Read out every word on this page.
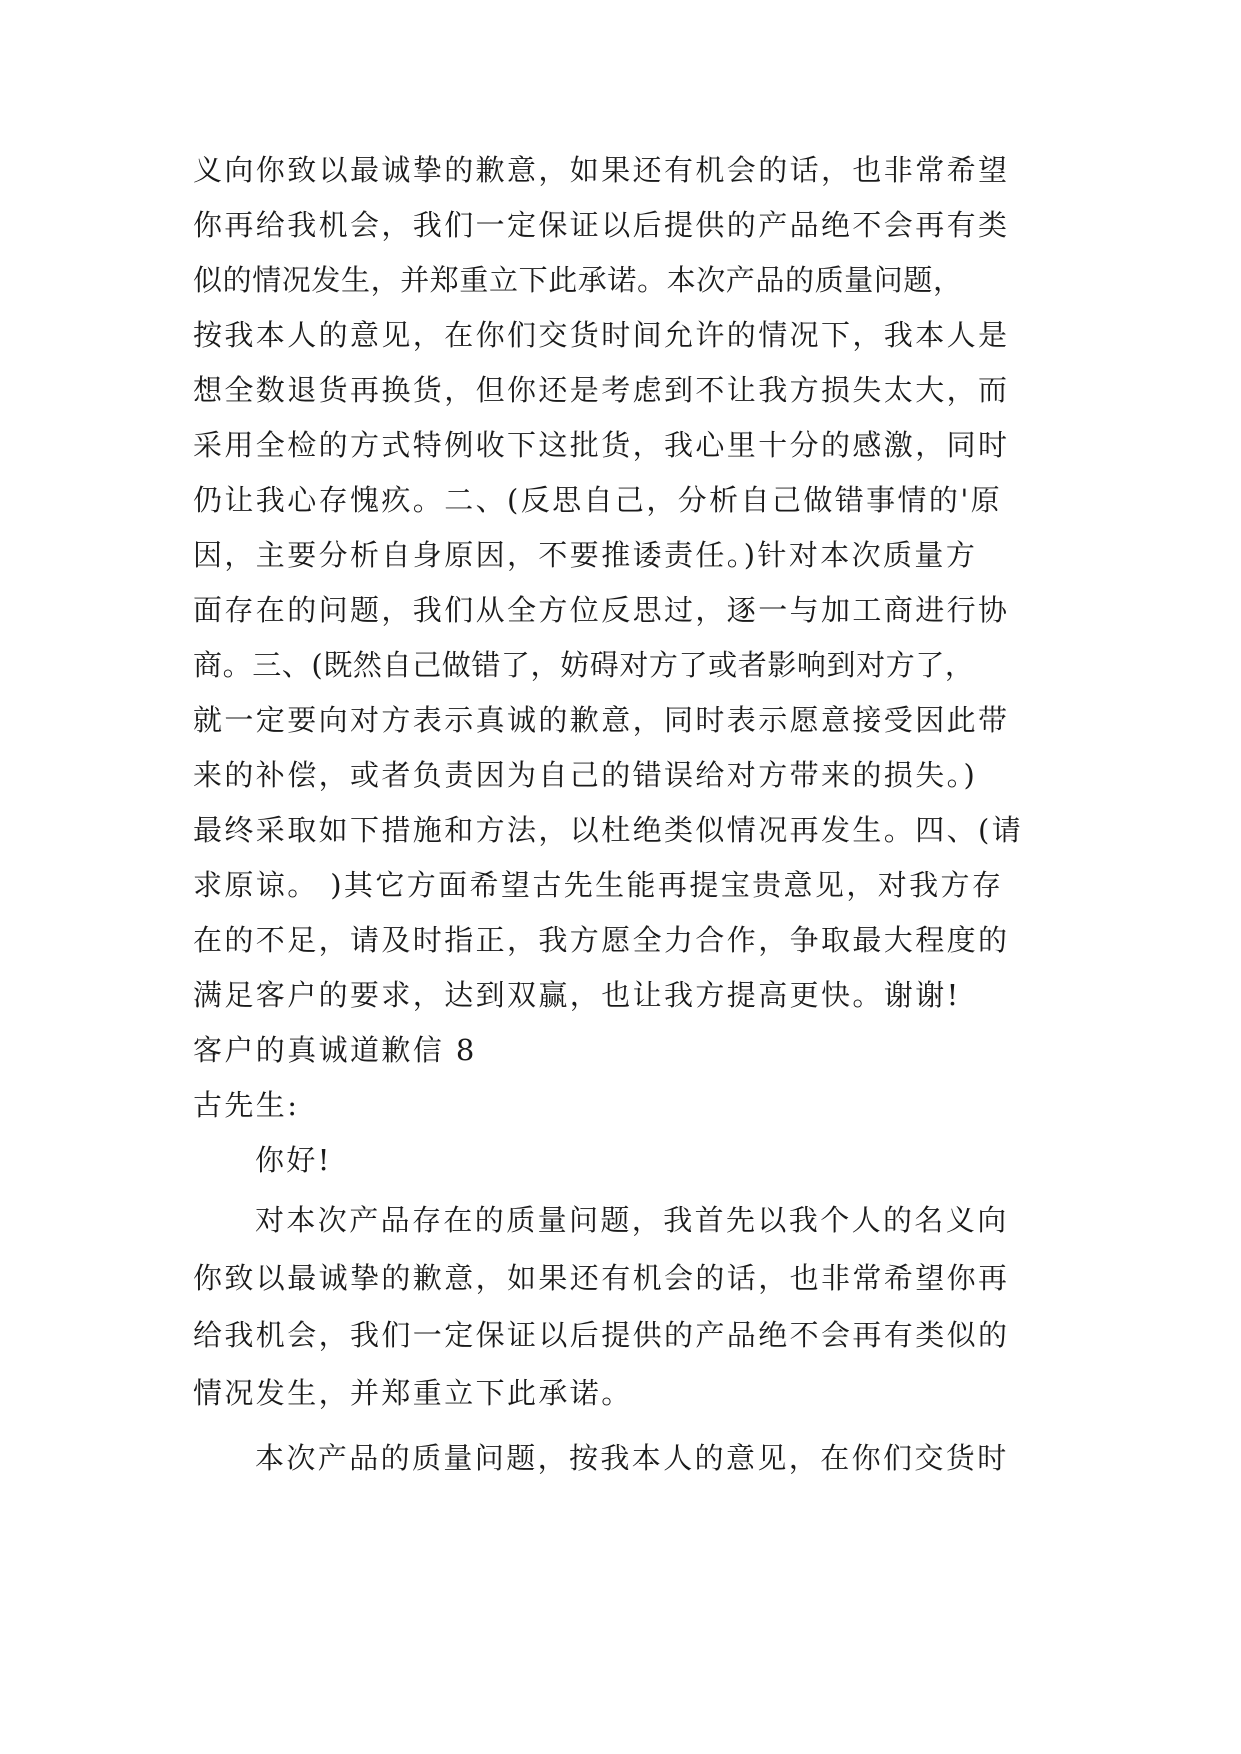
义向你致以最诚挚的歉意，如果还有机会的话，也非常希望
你再给我机会，我们一定保证以后提供的产品绝不会再有类
似的情况发生，并郑重立下此承诺。本次产品的质量问题，
按我本人的意见，在你们交货时间允许的情况下，我本人是
想全数退货再换货，但你还是考虑到不让我方损失太大，而
采用全检的方式特例收下这批货，我心里十分的感激，同时
仍让我心存愧疚。二、(反思自己，分析自己做错事情的'原
因，主要分析自身原因，不要推诿责任。)针对本次质量方
面存在的问题，我们从全方位反思过，逐一与加工商进行协
商。三、(既然自己做错了，妨碍对方了或者影响到对方了，
就一定要向对方表示真诚的歉意，同时表示愿意接受因此带
来的补偿，或者负责因为自己的错误给对方带来的损失。)
最终采取如下措施和方法，以杜绝类似情况再发生。四、(请
求原谅。 )其它方面希望古先生能再提宝贵意见，对我方存
在的不足，请及时指正，我方愿全力合作，争取最大程度的
满足客户的要求，达到双赢，也让我方提高更快。谢谢!
客户的真诚道歉信 8
古先生:
你好!
对本次产品存在的质量问题，我首先以我个人的名义向
你致以最诚挚的歉意，如果还有机会的话，也非常希望你再
给我机会，我们一定保证以后提供的产品绝不会再有类似的
情况发生，并郑重立下此承诺。
本次产品的质量问题，按我本人的意见，在你们交货时
